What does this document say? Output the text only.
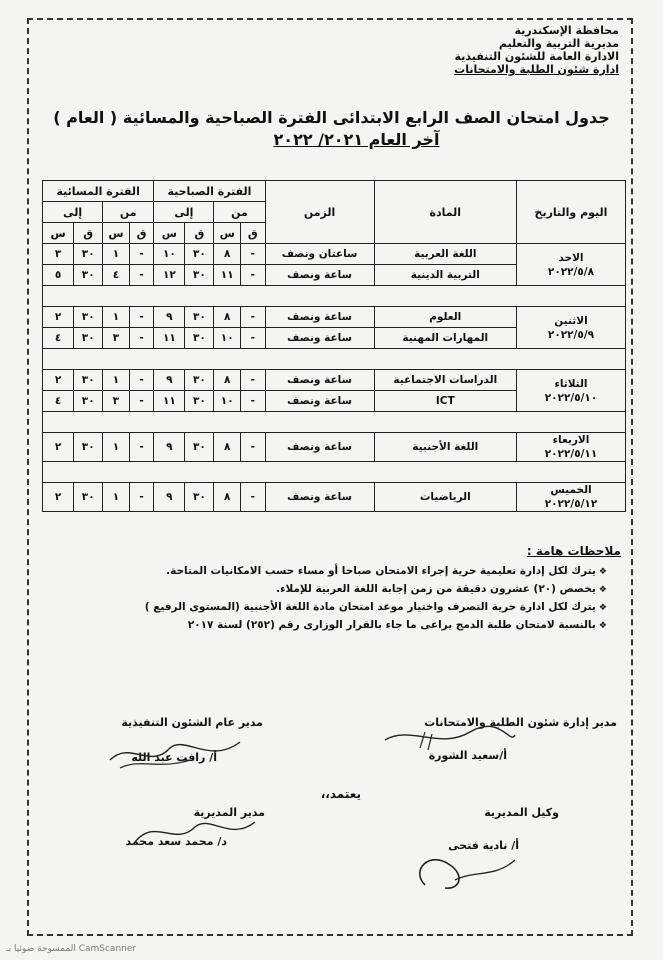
محافظة الإسكندرية
مديرية التربية والتعليم
الادارة العامة للشئون التنفيذية
ادارة شئون الطلبة والامتحانات
جدول امتحان الصف الرابع الابتدائى الفترة الصباحية والمسائية ( العام )
آخر العام ٢٠٢١/ ٢٠٢٢
اليوم والتاريخ	المادة	الزمن	الفترة الصباحية				الفترة المسائية			
			من		إلى		من		إلى	
			ق	س	ق	س	ق	س	ق	س

الاحد
٢٠٢٢/٥/٨	اللغة العربية	ساعتان ونصف	-	٨	٣٠	١٠	-	١	٣٠	٣
	التربية الدينية	ساعة ونصف	-	١١	٣٠	١٢	-	٤	٣٠	٥

الاثنين
٢٠٢٢/٥/٩	العلوم	ساعة ونصف	-	٨	٣٠	٩	-	١	٣٠	٢
	المهارات المهنية	ساعة ونصف	-	١٠	٣٠	١١	-	٣	٣٠	٤

الثلاثاء
٢٠٢٢/٥/١٠	الدراسات الاجتماعية	ساعة ونصف	-	٨	٣٠	٩	-	١	٣٠	٢
	ICT	ساعة ونصف	-	١٠	٣٠	١١	-	٣	٣٠	٤

الاربعاء
٢٠٢٢/٥/١١	اللغة الأجنبية	ساعة ونصف	-	٨	٣٠	٩	-	١	٣٠	٢

الخميس
٢٠٢٢/٥/١٢	الرياضيات	ساعة ونصف	-	٨	٣٠	٩	-	١	٣٠	٢
ملاحظات هامة :
❖ يترك لكل إدارة تعليمية حرية إجراء الامتحان صباحا أو مساء حسب الامكانيات المتاحة.
❖ يخصص (٢٠) عشرون دقيقة من زمن إجابة اللغة العربية للإملاء.
❖ يترك لكل ادارة حرية التصرف واختيار موعد امتحان مادة اللغة الأجنبية (المستوى الرفيع )
❖ بالنسبة لامتحان طلبة الدمج يراعى ما جاء بالقرار الوزارى رقم (٢٥٢) لسنة ٢٠١٧
مدير إدارة شئون الطلبة والامتحانات
أ/سعيد الشورة
مدير عام الشئون التنفيذية
أ/ رافت عبد الله
يعتمد،،
وكيل المديرية
أ/ نادية فتحى
مدير المديرية
د/ محمد سعد محمد
الممسوحة ضوئيا بـ CamScanner
